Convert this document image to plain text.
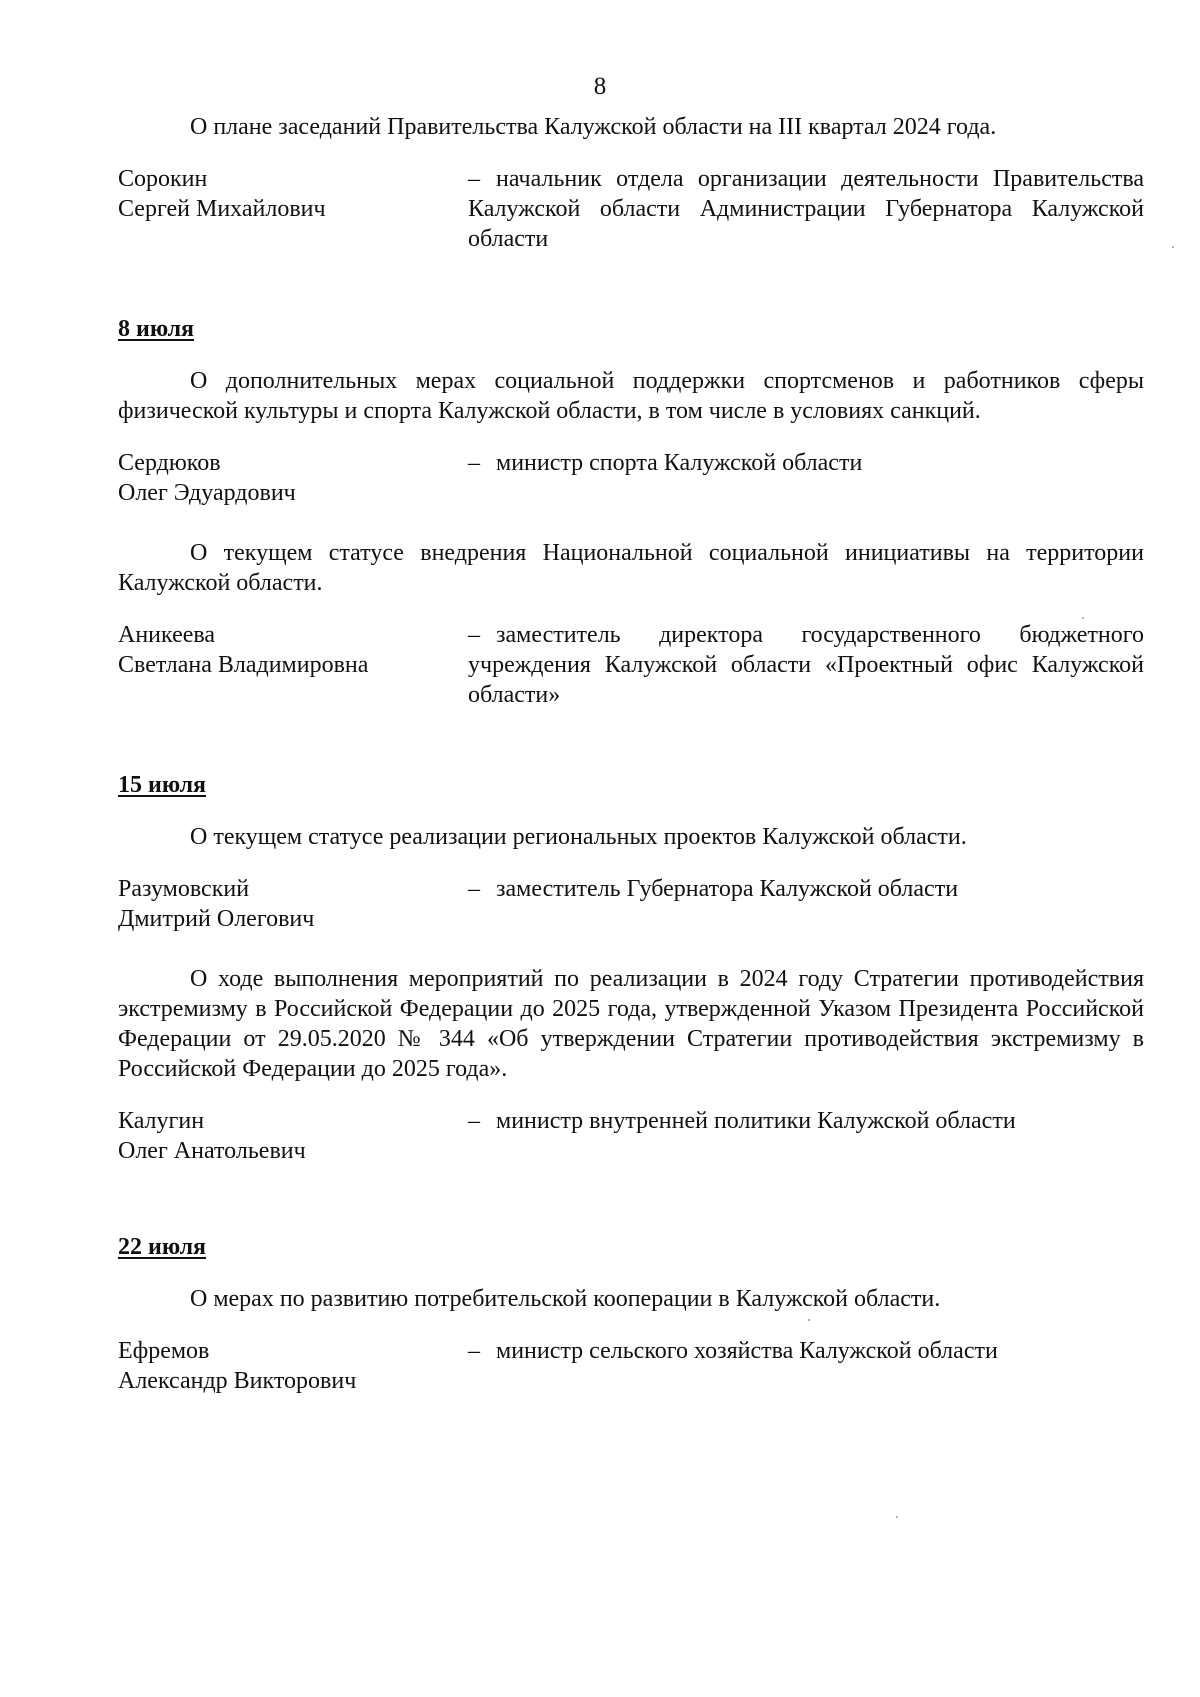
8

О плане заседаний Правительства Калужской области на III квартал 2024 года.

Сорокин
Сергей Михайлович
– начальник отдела организации деятельности Правительства Калужской области Администрации Губернатора Калужской области

8 июля

О дополнительных мерах социальной поддержки спортсменов и работников сферы физической культуры и спорта Калужской области, в том числе в условиях санкций.

Сердюков
Олег Эдуардович
– министр спорта Калужской области

О текущем статусе внедрения Национальной социальной инициативы на территории Калужской области.

Аникеева
Светлана Владимировна
– заместитель директора государственного бюджетного учреждения Калужской области «Проектный офис Калужской области»

15 июля

О текущем статусе реализации региональных проектов Калужской области.

Разумовский
Дмитрий Олегович
– заместитель Губернатора Калужской области

О ходе выполнения мероприятий по реализации в 2024 году Стратегии противодействия экстремизму в Российской Федерации до 2025 года, утвержденной Указом Президента Российской Федерации от 29.05.2020 № 344 «Об утверждении Стратегии противодействия экстремизму в Российской Федерации до 2025 года».

Калугин
Олег Анатольевич
– министр внутренней политики Калужской области

22 июля

О мерах по развитию потребительской кооперации в Калужской области.

Ефремов
Александр Викторович
– министр сельского хозяйства Калужской области
